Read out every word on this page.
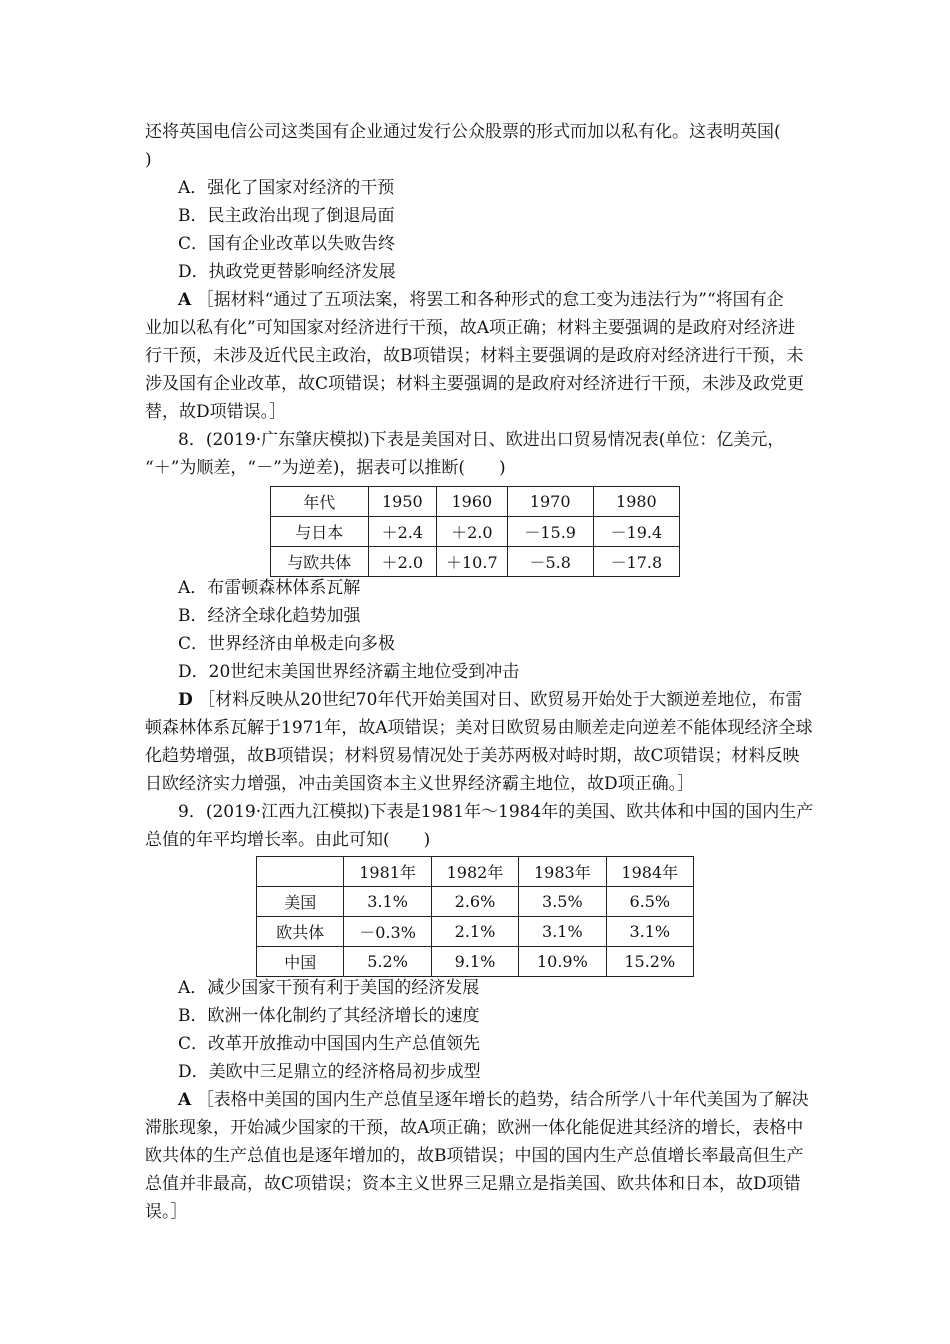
还将英国电信公司这类国有企业通过发行公众股票的形式而加以私有化。这表明英国(
)
A．强化了国家对经济的干预
B．民主政治出现了倒退局面
C．国有企业改革以失败告终
D．执政党更替影响经济发展
A ［据材料“通过了五项法案，将罢工和各种形式的怠工变为违法行为”“将国有企
业加以私有化”可知国家对经济进行干预，故A项正确；材料主要强调的是政府对经济进
行干预，未涉及近代民主政治，故B项错误；材料主要强调的是政府对经济进行干预，未
涉及国有企业改革，故C项错误；材料主要强调的是政府对经济进行干预，未涉及政党更
替，故D项错误。］
8．(2019·广东肇庆模拟)下表是美国对日、欧进出口贸易情况表(单位：亿美元，
“＋”为顺差，“－”为逆差)，据表可以推断(　　)
年代	1950	1960	1970	1980
与日本	＋2.4	＋2.0	－15.9	－19.4
与欧共体	＋2.0	＋10.7	－5.8	－17.8
A．布雷顿森林体系瓦解
B．经济全球化趋势加强
C．世界经济由单极走向多极
D．20世纪末美国世界经济霸主地位受到冲击
D ［材料反映从20世纪70年代开始美国对日、欧贸易开始处于大额逆差地位，布雷
顿森林体系瓦解于1971年，故A项错误；美对日欧贸易由顺差走向逆差不能体现经济全球
化趋势增强，故B项错误；材料贸易情况处于美苏两极对峙时期，故C项错误；材料反映
日欧经济实力增强，冲击美国资本主义世界经济霸主地位，故D项正确。］
9．(2019·江西九江模拟)下表是1981年～1984年的美国、欧共体和中国的国内生产
总值的年平均增长率。由此可知(　　)
	1981年	1982年	1983年	1984年
美国	3.1%	2.6%	3.5%	6.5%
欧共体	－0.3%	2.1%	3.1%	3.1%
中国	5.2%	9.1%	10.9%	15.2%
A．减少国家干预有利于美国的经济发展
B．欧洲一体化制约了其经济增长的速度
C．改革开放推动中国国内生产总值领先
D．美欧中三足鼎立的经济格局初步成型
A ［表格中美国的国内生产总值呈逐年增长的趋势，结合所学八十年代美国为了解决
滞胀现象，开始减少国家的干预，故A项正确；欧洲一体化能促进其经济的增长，表格中
欧共体的生产总值也是逐年增加的，故B项错误；中国的国内生产总值增长率最高但生产
总值并非最高，故C项错误；资本主义世界三足鼎立是指美国、欧共体和日本，故D项错
误。］
